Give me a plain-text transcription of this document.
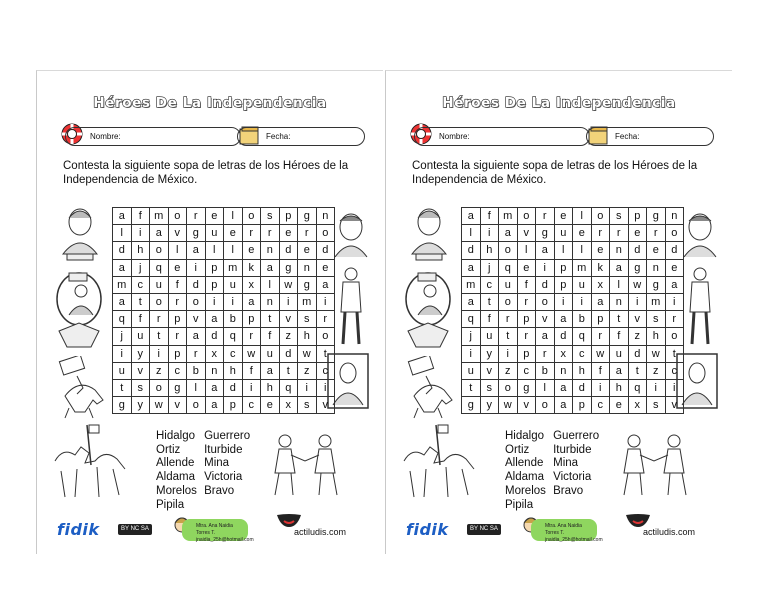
Héroes De La Independencia
Nombre:	Fecha:
Contesta la siguiente sopa de letras de los Héroes de la Independencia de México.
a	f	m	o	r	e	l	o	s	p	g	n
l	i	a	v	g	u	e	r	r	e	r	o
d	h	o	l	a	l	l	e	n	d	e	d
a	j	q	e	i	p	m	k	a	g	n	e
m	c	u	f	d	p	u	x	l	w	g	a
a	t	o	r	o	i	i	a	n	i	m	i
q	f	r	p	v	a	b	p	t	v	s	r
j	u	t	r	a	d	q	r	f	z	h	o
i	y	i	p	r	x	c	w	u	d	w	t
u	v	z	c	b	n	h	f	a	t	z	c
t	s	o	g	l	a	d	i	h	q	i	i
g	y	w	v	o	a	p	c	e	x	s	v
Hidalgo
Ortiz
Allende
Aldama
Morelos
Pipila

Guerrero
Iturbide
Mina
Victoria
Bravo
fidik	BY NC SA	Mtra. Ana Naidia Torres T.
jnaidia_25h@hotmail.com
actiludis.com
Héroes De La Independencia
Nombre:	Fecha:
Contesta la siguiente sopa de letras de los Héroes de la Independencia de México.
a	f	m	o	r	e	l	o	s	p	g	n
l	i	a	v	g	u	e	r	r	e	r	o
d	h	o	l	a	l	l	e	n	d	e	d
a	j	q	e	i	p	m	k	a	g	n	e
m	c	u	f	d	p	u	x	l	w	g	a
a	t	o	r	o	i	i	a	n	i	m	i
q	f	r	p	v	a	b	p	t	v	s	r
j	u	t	r	a	d	q	r	f	z	h	o
i	y	i	p	r	x	c	w	u	d	w	t
u	v	z	c	b	n	h	f	a	t	z	c
t	s	o	g	l	a	d	i	h	q	i	i
g	y	w	v	o	a	p	c	e	x	s	v
Hidalgo
Ortiz
Allende
Aldama
Morelos
Pipila

Guerrero
Iturbide
Mina
Victoria
Bravo
fidik	BY NC SA	Mtra. Ana Naidia Torres T.
jnaidia_25h@hotmail.com
actiludis.com
